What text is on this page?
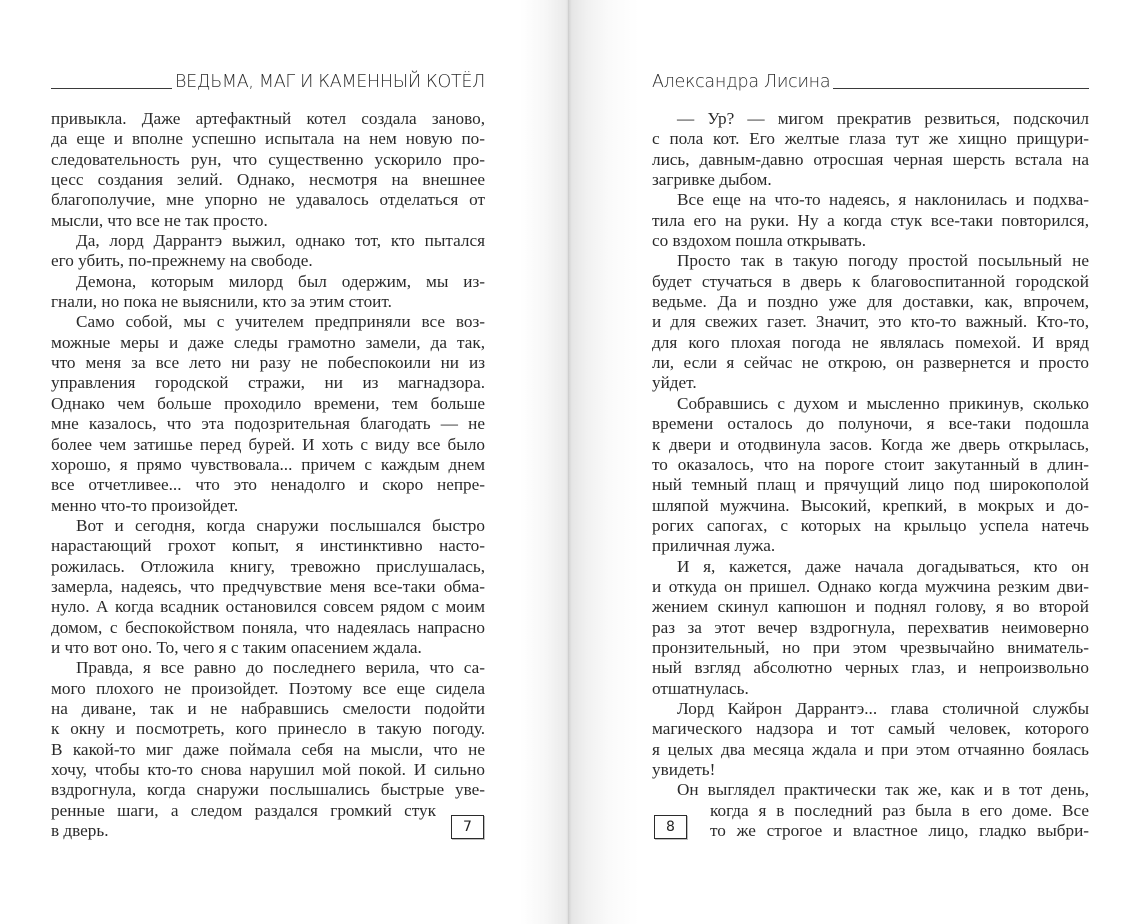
ВЕДЬМА, МАГ И КАМЕННЫЙ КОТЁЛ
привыкла. Даже артефактный котел создала заново,
да еще и вполне успешно испытала на нем новую по-
следовательность рун, что существенно ускорило про-
цесс создания зелий. Однако, несмотря на внешнее
благополучие, мне упорно не удавалось отделаться от
мысли, что все не так просто.
Да, лорд Даррантэ выжил, однако тот, кто пытался
его убить, по-прежнему на свободе.
Демона, которым милорд был одержим, мы из-
гнали, но пока не выяснили, кто за этим стоит.
Само собой, мы с учителем предприняли все воз-
можные меры и даже следы грамотно замели, да так,
что меня за все лето ни разу не побеспокоили ни из
управления городской стражи, ни из магнадзора.
Однако чем больше проходило времени, тем больше
мне казалось, что эта подозрительная благодать — не
более чем затишье перед бурей. И хоть с виду все было
хорошо, я прямо чувствовала... причем с каждым днем
все отчетливее... что это ненадолго и скоро непре-
менно что-то произойдет.
Вот и сегодня, когда снаружи послышался быстро
нарастающий грохот копыт, я инстинктивно насто-
рожилась. Отложила книгу, тревожно прислушалась,
замерла, надеясь, что предчувствие меня все-таки обма-
нуло. А когда всадник остановился совсем рядом с моим
домом, с беспокойством поняла, что надеялась напрасно
и что вот оно. То, чего я с таким опасением ждала.
Правда, я все равно до последнего верила, что са-
мого плохого не произойдет. Поэтому все еще сидела
на диване, так и не набравшись смелости подойти
к окну и посмотреть, кого принесло в такую погоду.
В какой-то миг даже поймала себя на мысли, что не
хочу, чтобы кто-то снова нарушил мой покой. И сильно
вздрогнула, когда снаружи послышались быстрые уве-
ренные шаги, а следом раздался громкий стук
в дверь.	7
Александра Лисина
— Ур? — мигом прекратив резвиться, подскочил
с пола кот. Его желтые глаза тут же хищно прищури-
лись, давным-давно отросшая черная шерсть встала на
загривке дыбом.
Все еще на что-то надеясь, я наклонилась и подхва-
тила его на руки. Ну а когда стук все-таки повторился,
со вздохом пошла открывать.
Просто так в такую погоду простой посыльный не
будет стучаться в дверь к благовоспитанной городской
ведьме. Да и поздно уже для доставки, как, впрочем,
и для свежих газет. Значит, это кто-то важный. Кто-то,
для кого плохая погода не являлась помехой. И вряд
ли, если я сейчас не открою, он развернется и просто
уйдет.
Собравшись с духом и мысленно прикинув, сколько
времени осталось до полуночи, я все-таки подошла
к двери и отодвинула засов. Когда же дверь открылась,
то оказалось, что на пороге стоит закутанный в длин-
ный темный плащ и прячущий лицо под широкополой
шляпой мужчина. Высокий, крепкий, в мокрых и до-
рогих сапогах, с которых на крыльцо успела натечь
приличная лужа.
И я, кажется, даже начала догадываться, кто он
и откуда он пришел. Однако когда мужчина резким дви-
жением скинул капюшон и поднял голову, я во второй
раз за этот вечер вздрогнула, перехватив неимоверно
пронзительный, но при этом чрезвычайно вниматель-
ный взгляд абсолютно черных глаз, и непроизвольно
отшатнулась.
Лорд Кайрон Даррантэ... глава столичной службы
магического надзора и тот самый человек, которого
я целых два месяца ждала и при этом отчаянно боялась
увидеть!
Он выглядел практически так же, как и в тот день,
когда я в последний раз была в его доме. Все
то же строгое и властное лицо, гладко выбри-
8
